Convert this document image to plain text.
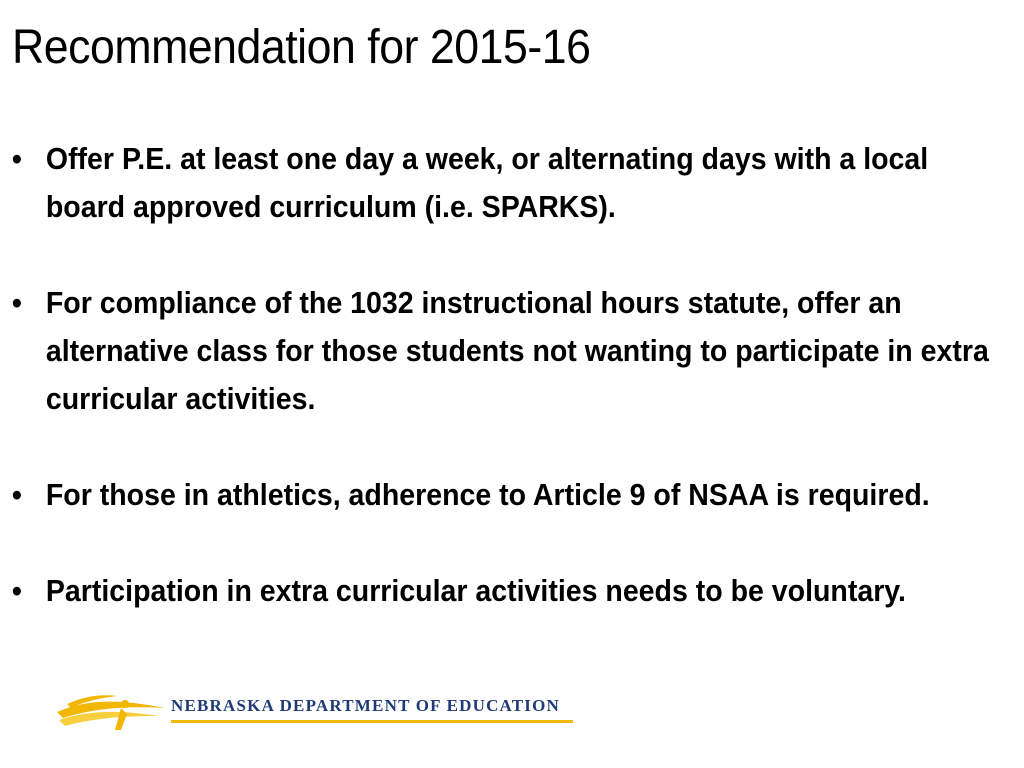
Recommendation for 2015-16
• Offer P.E. at least one day a week, or alternating days with a local board approved curriculum (i.e. SPARKS).
• For compliance of the 1032 instructional hours statute, offer an alternative class for those students not wanting to participate in extra curricular activities.
• For those in athletics, adherence to Article 9 of NSAA is required.
• Participation in extra curricular activities needs to be voluntary.
NEBRASKA DEPARTMENT OF EDUCATION
